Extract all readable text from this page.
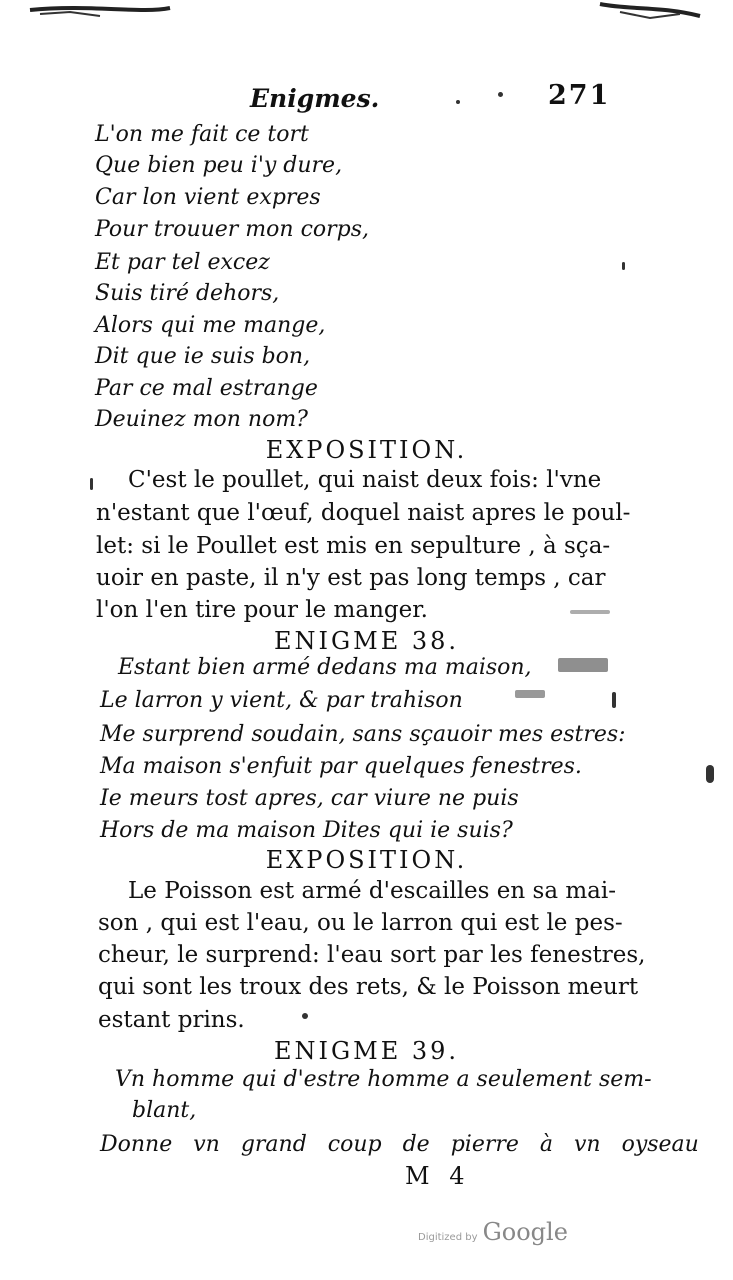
Enigmes.	271
L'on me fait ce tort
Que bien peu i'y dure,
Car lon vient expres
Pour trouuer mon corps,
Et par tel excez
Suis tiré dehors,
Alors qui me mange,
Dit que ie suis bon,
Par ce mal estrange
Deuinez mon nom?
EXPOSITION.
C'est le poullet, qui naist deux fois: l'vne
n'estant que l'œuf, doquel naist apres le poul-
let: si le Poullet est mis en sepulture , à sça-
uoir en paste, il n'y est pas long temps , car
l'on l'en tire pour le manger.
ENIGME 38.
Estant bien armé dedans ma maison,
Le larron y vient, & par trahison
Me surprend soudain, sans sçauoir mes estres:
Ma maison s'enfuit par quelques fenestres.
Ie meurs tost apres, car viure ne puis
Hors de ma maison Dites qui ie suis?
EXPOSITION.
Le Poisson est armé d'escailles en sa mai-
son , qui est l'eau, ou le larron qui est le pes-
cheur, le surprend: l'eau sort par les fenestres,
qui sont les troux des rets, & le Poisson meurt
estant prins.
ENIGME 39.
Vn homme qui d'estre homme a seulement sem-
blant,
Donne vn grand coup de pierre à vn oyseau
M 4
Digitized by Google
